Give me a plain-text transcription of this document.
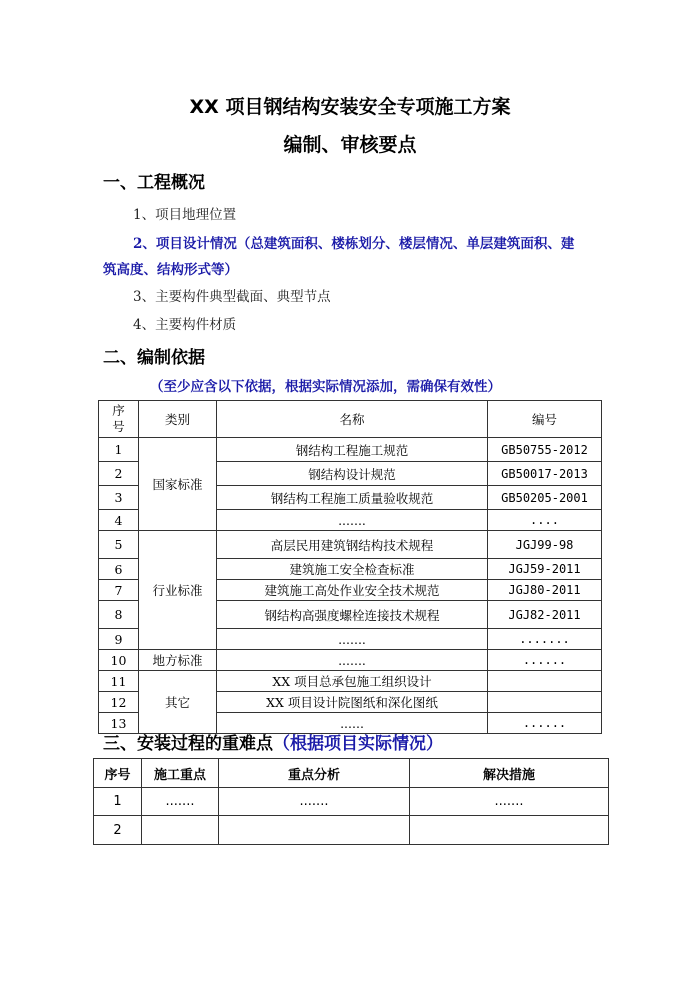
XX 项目钢结构安装安全专项施工方案
编制、审核要点
一、工程概况
1、项目地理位置
2、项目设计情况（总建筑面积、楼栋划分、楼层情况、单层建筑面积、建
筑高度、结构形式等）
3、主要构件典型截面、典型节点
4、主要构件材质
二、编制依据
（至少应含以下依据，根据实际情况添加，需确保有效性）
序号	类别	名称	编号
1	国家标准	钢结构工程施工规范	GB50755-2012
2		钢结构设计规范	GB50017-2013
3		钢结构工程施工质量验收规范	GB50205-2001
4		.......	....
5	行业标准	高层民用建筑钢结构技术规程	JGJ99-98
6		建筑施工安全检查标准	JGJ59-2011
7		建筑施工高处作业安全技术规范	JGJ80-2011
8		钢结构高强度螺栓连接技术规程	JGJ82-2011
9		.......	.......
10	地方标准	.......	......
11	其它	XX 项目总承包施工组织设计	
12		XX 项目设计院图纸和深化图纸	
13		......	......
三、安装过程的重难点（根据项目实际情况）
序号	施工重点	重点分析	解决措施
1	.......	.......	.......
2			
